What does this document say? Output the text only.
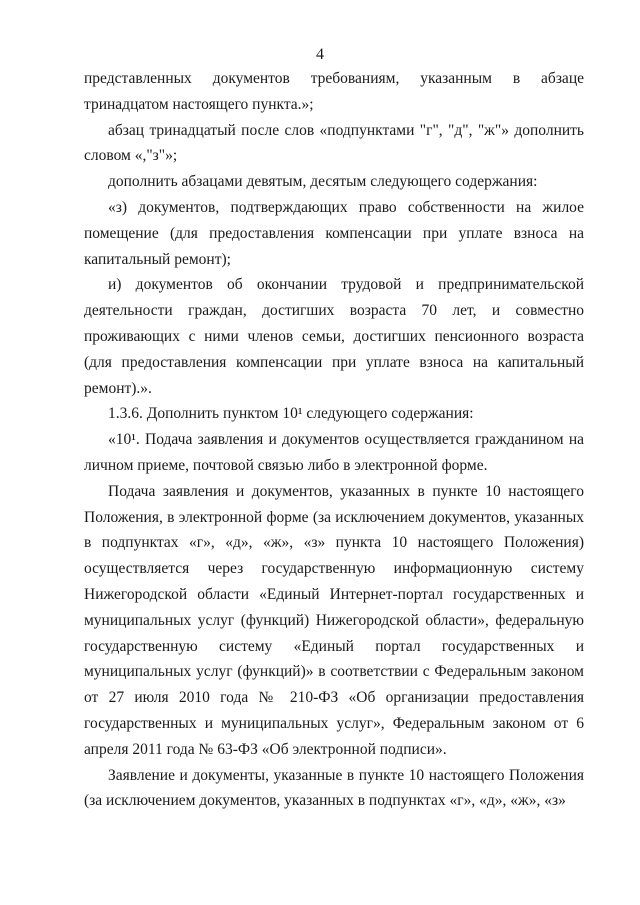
4
представленных документов требованиям, указанным в абзаце
тринадцатом настоящего пункта.»;
абзац тринадцатый после слов «подпунктами "г", "д", "ж"» дополнить
словом «,"з"»;
дополнить абзацами девятым, десятым следующего содержания:
«з) документов, подтверждающих право собственности на жилое
помещение (для предоставления компенсации при уплате взноса на
капитальный ремонт);
и) документов об окончании трудовой и предпринимательской
деятельности граждан, достигших возраста 70 лет, и совместно
проживающих с ними членов семьи, достигших пенсионного возраста
(для предоставления компенсации при уплате взноса на капитальный
ремонт).».
1.3.6. Дополнить пунктом 10¹ следующего содержания:
«10¹. Подача заявления и документов осуществляется гражданином на
личном приеме, почтовой связью либо в электронной форме.
Подача заявления и документов, указанных в пункте 10 настоящего
Положения, в электронной форме (за исключением документов, указанных
в подпунктах «г», «д», «ж», «з» пункта 10 настоящего Положения)
осуществляется через государственную информационную систему
Нижегородской области «Единый Интернет-портал государственных и
муниципальных услуг (функций) Нижегородской области», федеральную
государственную систему «Единый портал государственных и
муниципальных услуг (функций)» в соответствии с Федеральным законом
от 27 июля 2010 года № 210-ФЗ «Об организации предоставления
государственных и муниципальных услуг», Федеральным законом от 6
апреля 2011 года № 63-ФЗ «Об электронной подписи».
Заявление и документы, указанные в пункте 10 настоящего Положения
(за исключением документов, указанных в подпунктах «г», «д», «ж», «з»
